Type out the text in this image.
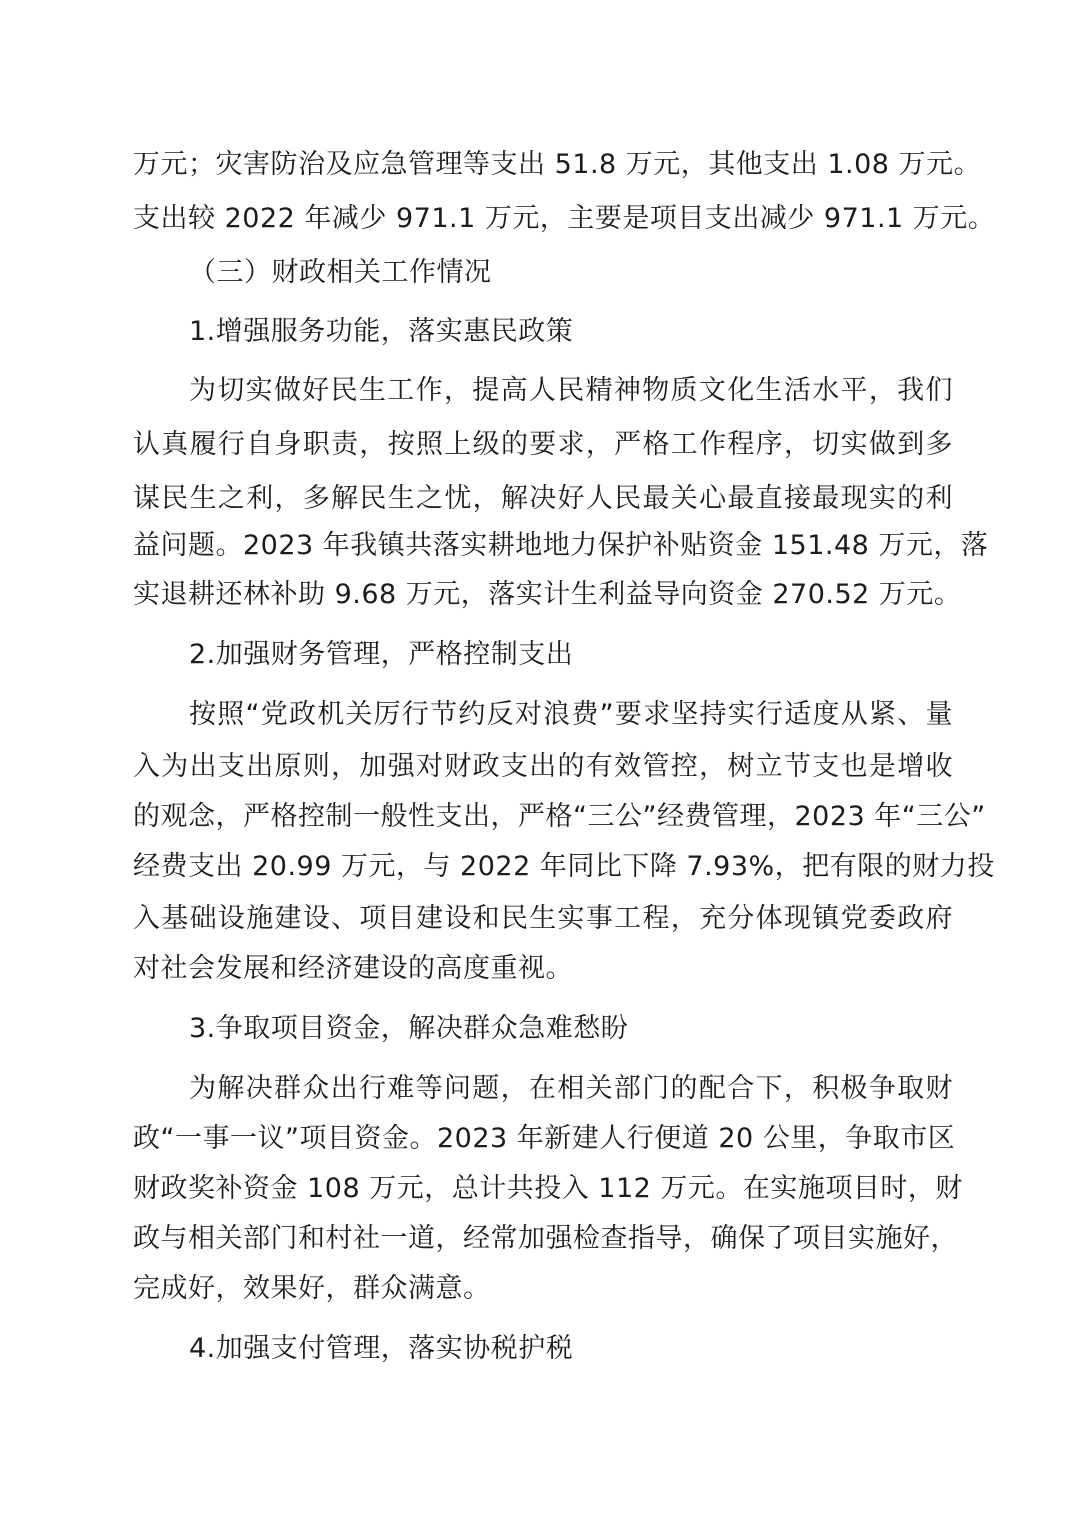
万元；灾害防治及应急管理等支出 51.8 万元，其他支出 1.08 万元。
支出较 2022 年减少 971.1 万元，主要是项目支出减少 971.1 万元。
（三）财政相关工作情况
1.增强服务功能，落实惠民政策
为切实做好民生工作，提高人民精神物质文化生活水平，我们
认真履行自身职责，按照上级的要求，严格工作程序，切实做到多
谋民生之利，多解民生之忧，解决好人民最关心最直接最现实的利
益问题。2023 年我镇共落实耕地地力保护补贴资金 151.48 万元，落
实退耕还林补助 9.68 万元，落实计生利益导向资金 270.52 万元。
2.加强财务管理，严格控制支出
按照“党政机关厉行节约反对浪费”要求坚持实行适度从紧、量
入为出支出原则，加强对财政支出的有效管控，树立节支也是增收
的观念，严格控制一般性支出，严格“三公”经费管理，2023 年“三公”
经费支出 20.99 万元，与 2022 年同比下降 7.93%，把有限的财力投
入基础设施建设、项目建设和民生实事工程，充分体现镇党委政府
对社会发展和经济建设的高度重视。
3.争取项目资金，解决群众急难愁盼
为解决群众出行难等问题，在相关部门的配合下，积极争取财
政“一事一议”项目资金。2023 年新建人行便道 20 公里，争取市区
财政奖补资金 108 万元，总计共投入 112 万元。在实施项目时，财
政与相关部门和村社一道，经常加强检查指导，确保了项目实施好，
完成好，效果好，群众满意。
4.加强支付管理，落实协税护税
